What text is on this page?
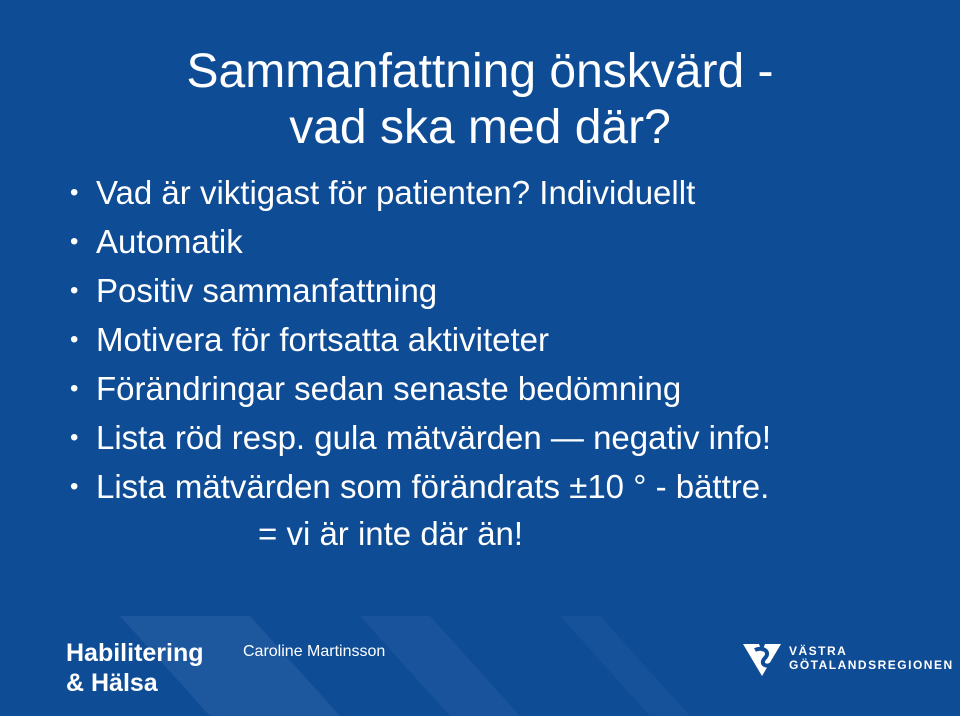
Sammanfattning önskvärd -
vad ska med där?
• Vad är viktigast för patienten? Individuellt
• Automatik
• Positiv sammanfattning
• Motivera för fortsatta aktiviteter
• Förändringar sedan senaste bedömning
• Lista röd resp. gula mätvärden — negativ info!
• Lista mätvärden som förändrats ±10 ° - bättre.
= vi är inte där än!
Habilitering
& Hälsa
Caroline Martinsson	VÄSTRA
GÖTALANDSREGIONEN
